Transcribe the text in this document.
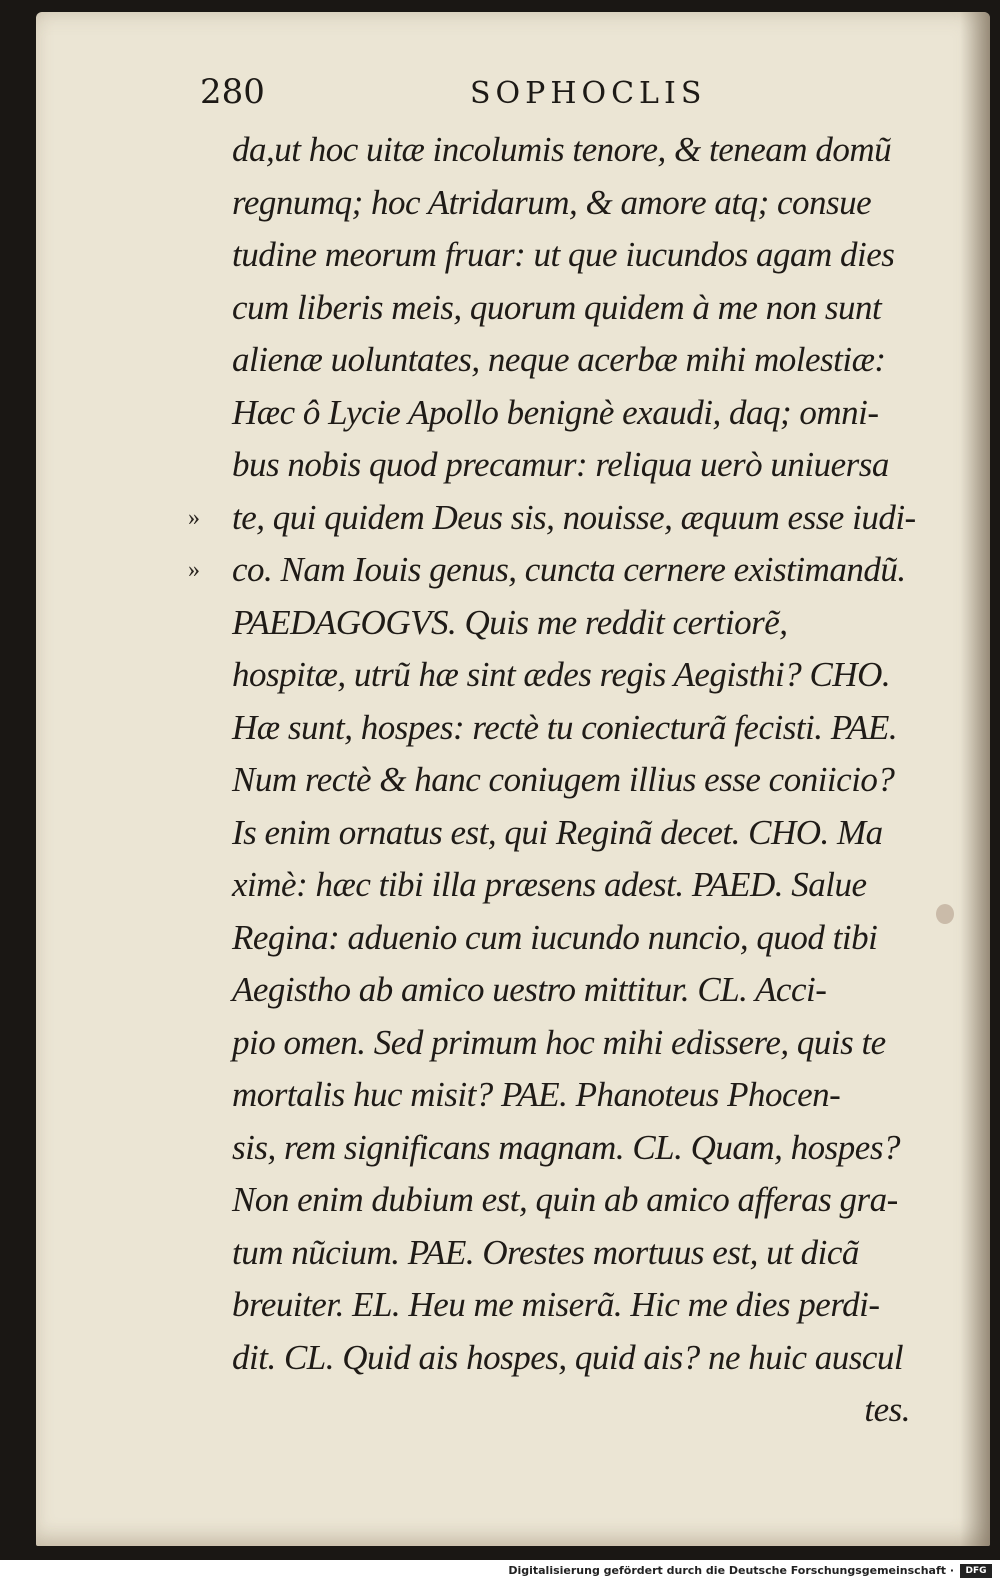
280	SOPHOCLIS
da,ut hoc uitæ incolumis tenore, & teneam domũ
regnumq; hoc Atridarum, & amore atq; consue
tudine meorum fruar: ut que iucundos agam dies
cum liberis meis, quorum quidem à me non sunt
alienæ uoluntates, neque acerbæ mihi molestiæ:
Hæc ô Lycie Apollo benignè exaudi, daq; omni-
bus nobis quod precamur: reliqua uerò uniuersa
» te, qui quidem Deus sis, nouisse, æquum esse iudi-
» co. Nam Iouis genus, cuncta cernere existimandũ.
PAEDAGOGVS. Quis me reddit certiorẽ,
hospitæ, utrũ hæ sint ædes regis Aegisthi? CHO.
Hæ sunt, hospes: rectè tu coniecturã fecisti. PAE.
Num rectè & hanc coniugem illius esse coniicio?
Is enim ornatus est, qui Reginã decet. CHO. Ma
ximè: hæc tibi illa præsens adest. PAED. Salue
Regina: aduenio cum iucundo nuncio, quod tibi
Aegistho ab amico uestro mittitur. CL. Acci-
pio omen. Sed primum hoc mihi edissere, quis te
mortalis huc misit? PAE. Phanoteus Phocen-
sis, rem significans magnam. CL. Quam, hospes?
Non enim dubium est, quin ab amico afferas gra-
tum nũcium. PAE. Orestes mortuus est, ut dicã
breuiter. EL. Heu me miserã. Hic me dies perdi-
dit. CL. Quid ais hospes, quid ais? ne huic auscul
tes.
Digitalisierung gefördert durch die Deutsche Forschungsgemeinschaft ·	DFG
